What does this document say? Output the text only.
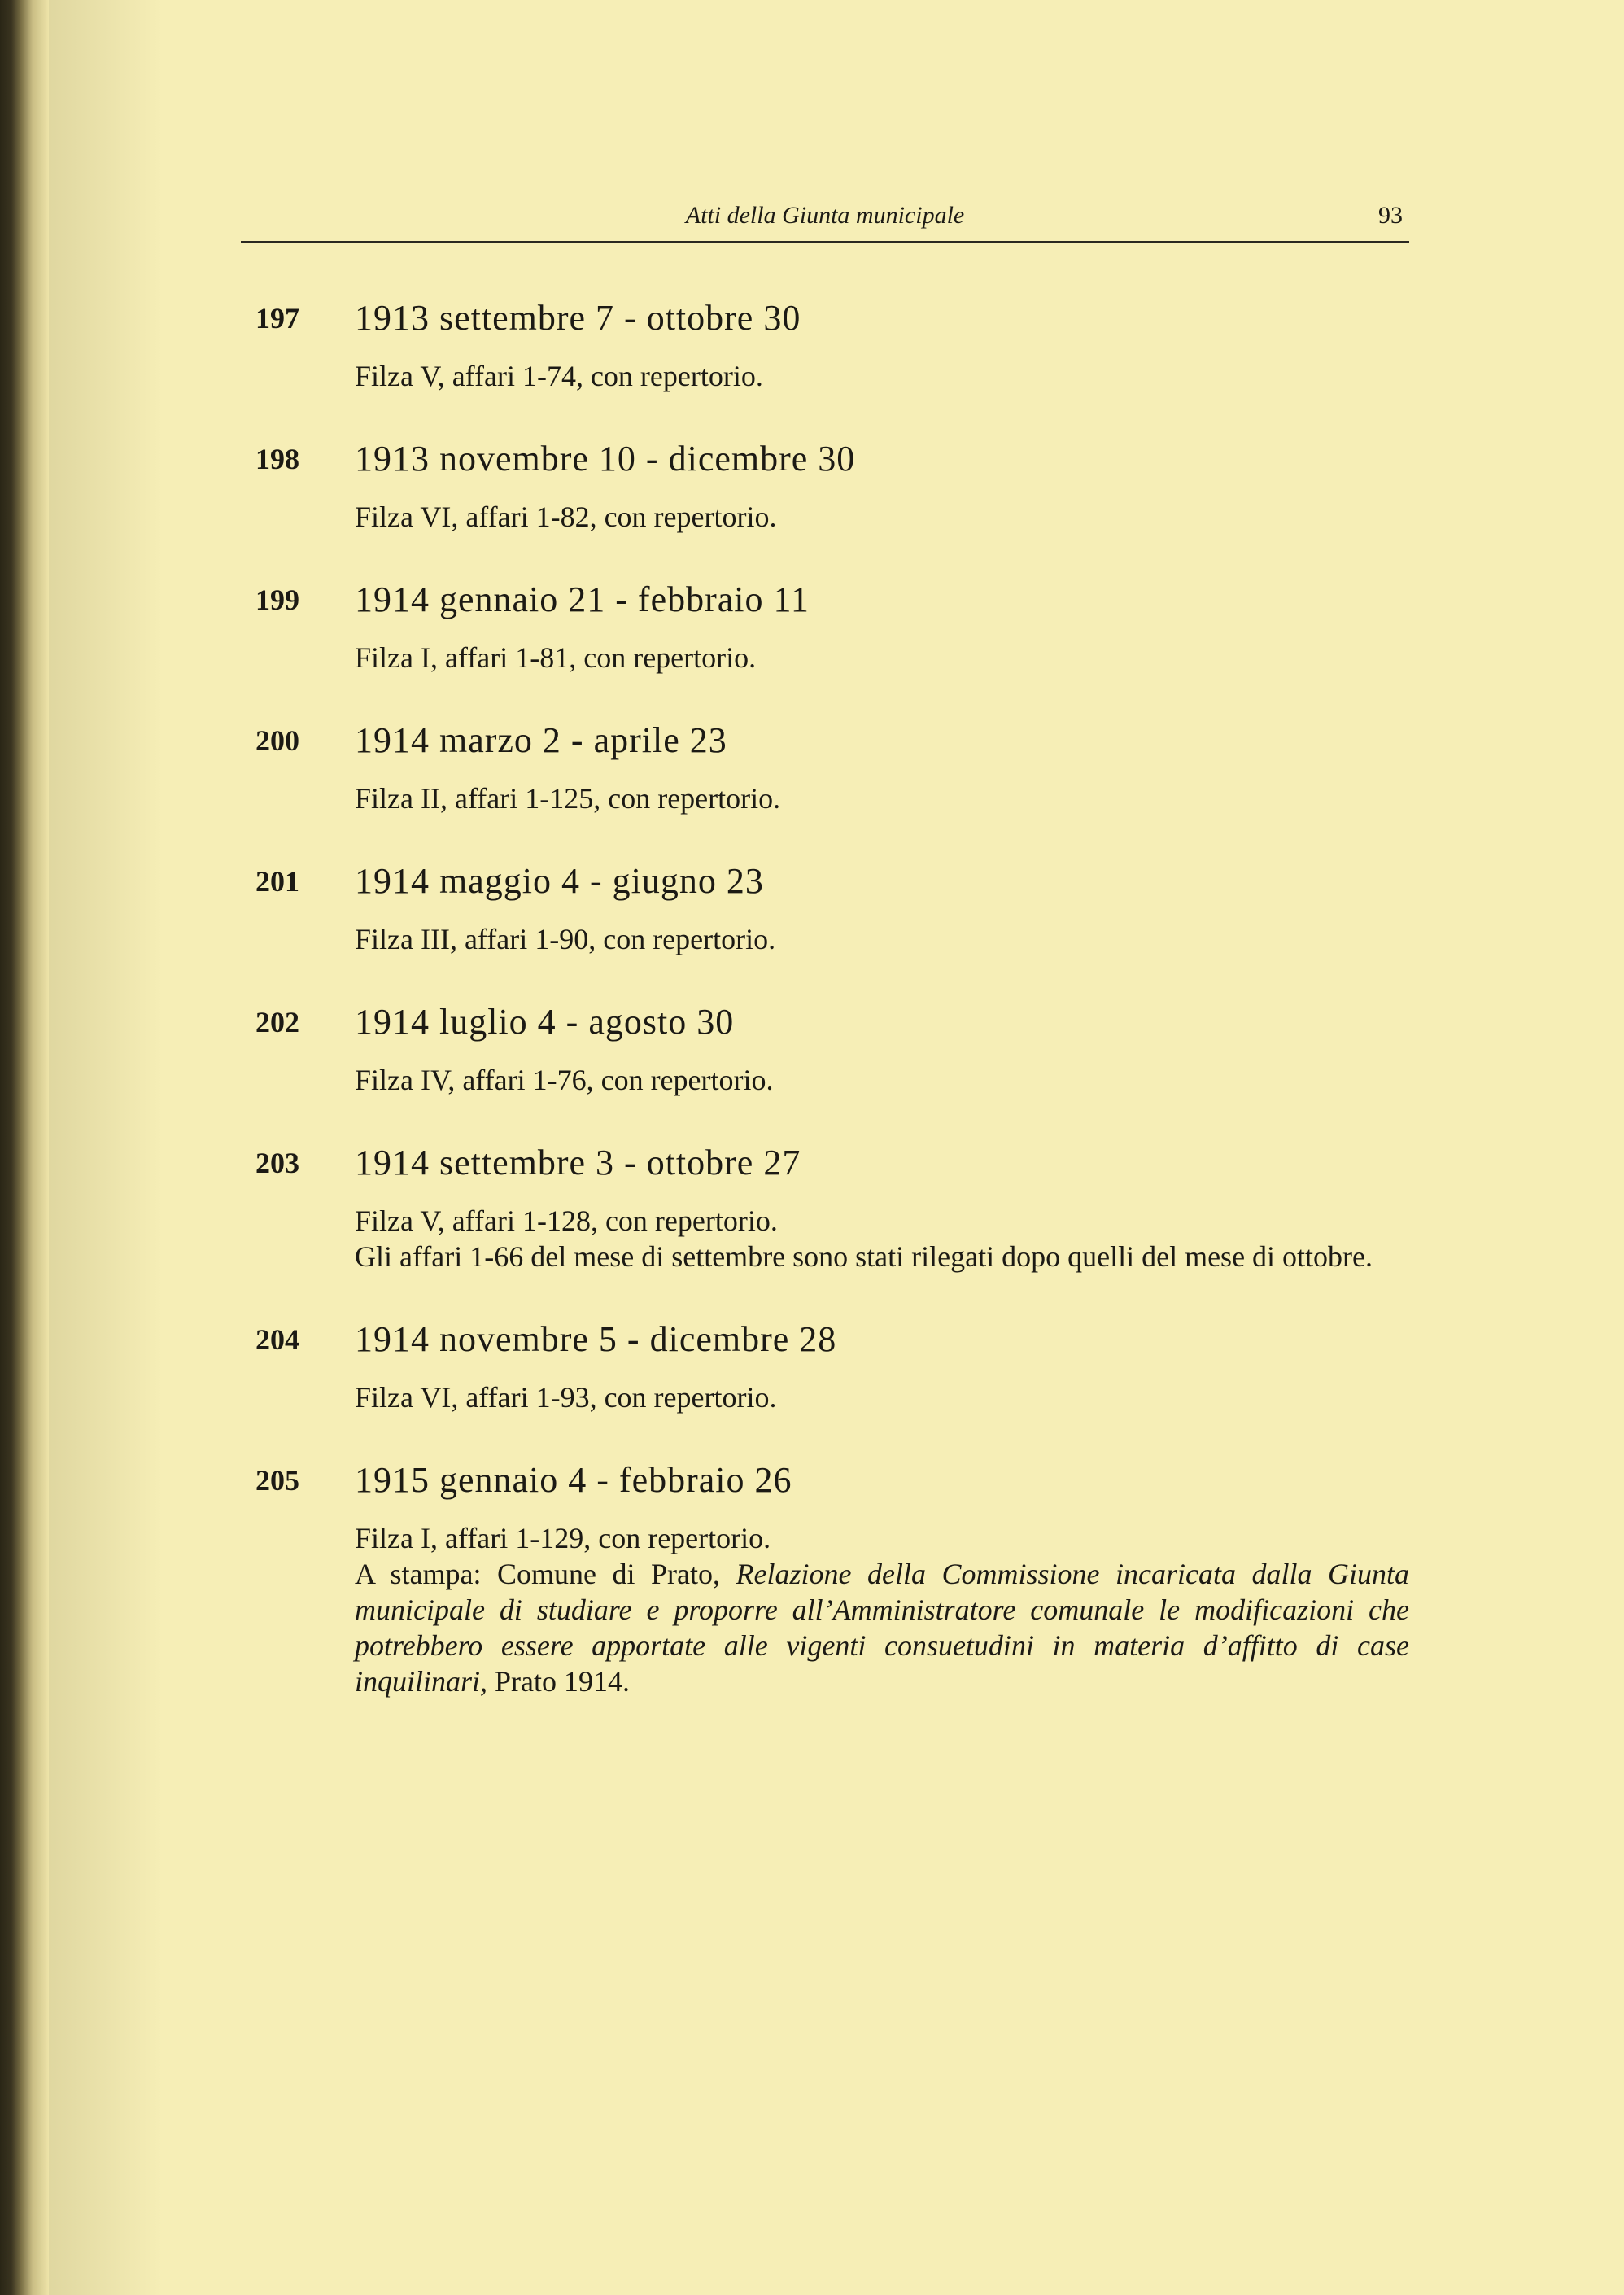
Atti della Giunta municipale	93
197 1913 settembre 7 - ottobre 30
Filza V, affari 1-74, con repertorio.
198 1913 novembre 10 - dicembre 30
Filza VI, affari 1-82, con repertorio.
199 1914 gennaio 21 - febbraio 11
Filza I, affari 1-81, con repertorio.
200 1914 marzo 2 - aprile 23
Filza II, affari 1-125, con repertorio.
201 1914 maggio 4 - giugno 23
Filza III, affari 1-90, con repertorio.
202 1914 luglio 4 - agosto 30
Filza IV, affari 1-76, con repertorio.
203 1914 settembre 3 - ottobre 27
Filza V, affari 1-128, con repertorio.
Gli affari 1-66 del mese di settembre sono stati rilegati dopo quelli del mese di ottobre.
204 1914 novembre 5 - dicembre 28
Filza VI, affari 1-93, con repertorio.
205 1915 gennaio 4 - febbraio 26
Filza I, affari 1-129, con repertorio.
A stampa: Comune di Prato, Relazione della Commissione incaricata dalla Giunta municipale di studiare e proporre all’Amministratore comunale le modificazioni che potrebbero essere apportate alle vigenti consuetudini in materia d’affitto di case inquilinari, Prato 1914.
